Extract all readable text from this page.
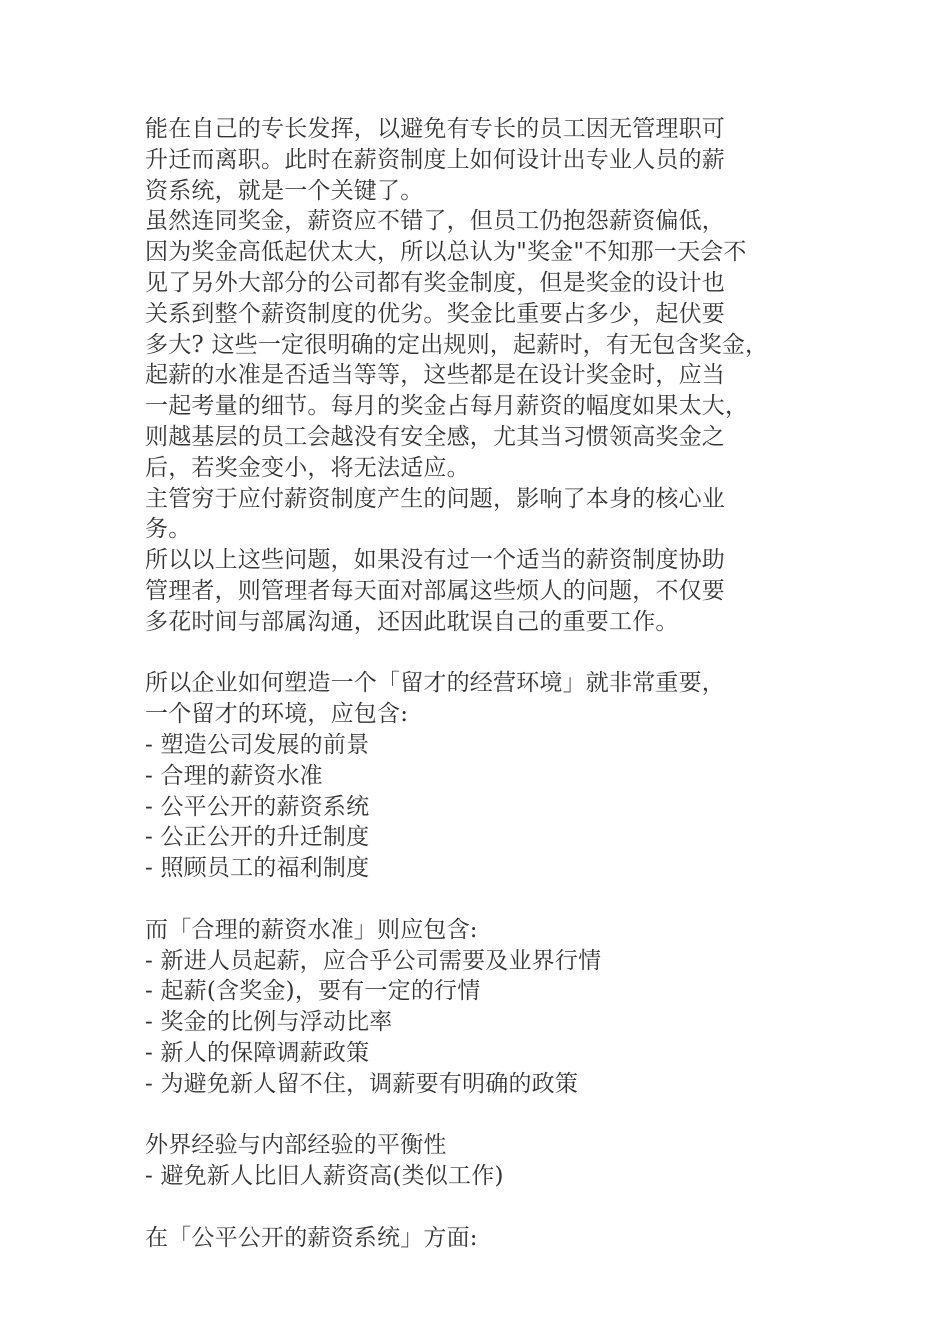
能在自己的专长发挥，以避免有专长的员工因无管理职可
升迁而离职。此时在薪资制度上如何设计出专业人员的薪
资系统，就是一个关键了。
虽然连同奖金，薪资应不错了，但员工仍抱怨薪资偏低，
因为奖金高低起伏太大，所以总认为"奖金"不知那一天会不
见了另外大部分的公司都有奖金制度，但是奖金的设计也
关系到整个薪资制度的优劣。奖金比重要占多少，起伏要
多大? 这些一定很明确的定出规则，起薪时，有无包含奖金，
起薪的水准是否适当等等，这些都是在设计奖金时，应当
一起考量的细节。每月的奖金占每月薪资的幅度如果太大，
则越基层的员工会越没有安全感，尤其当习惯领高奖金之
后，若奖金变小，将无法适应。
主管穷于应付薪资制度产生的问题，影响了本身的核心业
务。
所以以上这些问题，如果没有过一个适当的薪资制度协助
管理者，则管理者每天面对部属这些烦人的问题，不仅要
多花时间与部属沟通，还因此耽误自己的重要工作。
所以企业如何塑造一个「留才的经营环境」就非常重要，
一个留才的环境，应包含:
- 塑造公司发展的前景
- 合理的薪资水准
- 公平公开的薪资系统
- 公正公开的升迁制度
- 照顾员工的福利制度
而「合理的薪资水准」则应包含:
- 新进人员起薪，应合乎公司需要及业界行情
- 起薪(含奖金)，要有一定的行情
- 奖金的比例与浮动比率
- 新人的保障调薪政策
- 为避免新人留不住，调薪要有明确的政策
外界经验与内部经验的平衡性
- 避免新人比旧人薪资高(类似工作)
在「公平公开的薪资系统」方面:
